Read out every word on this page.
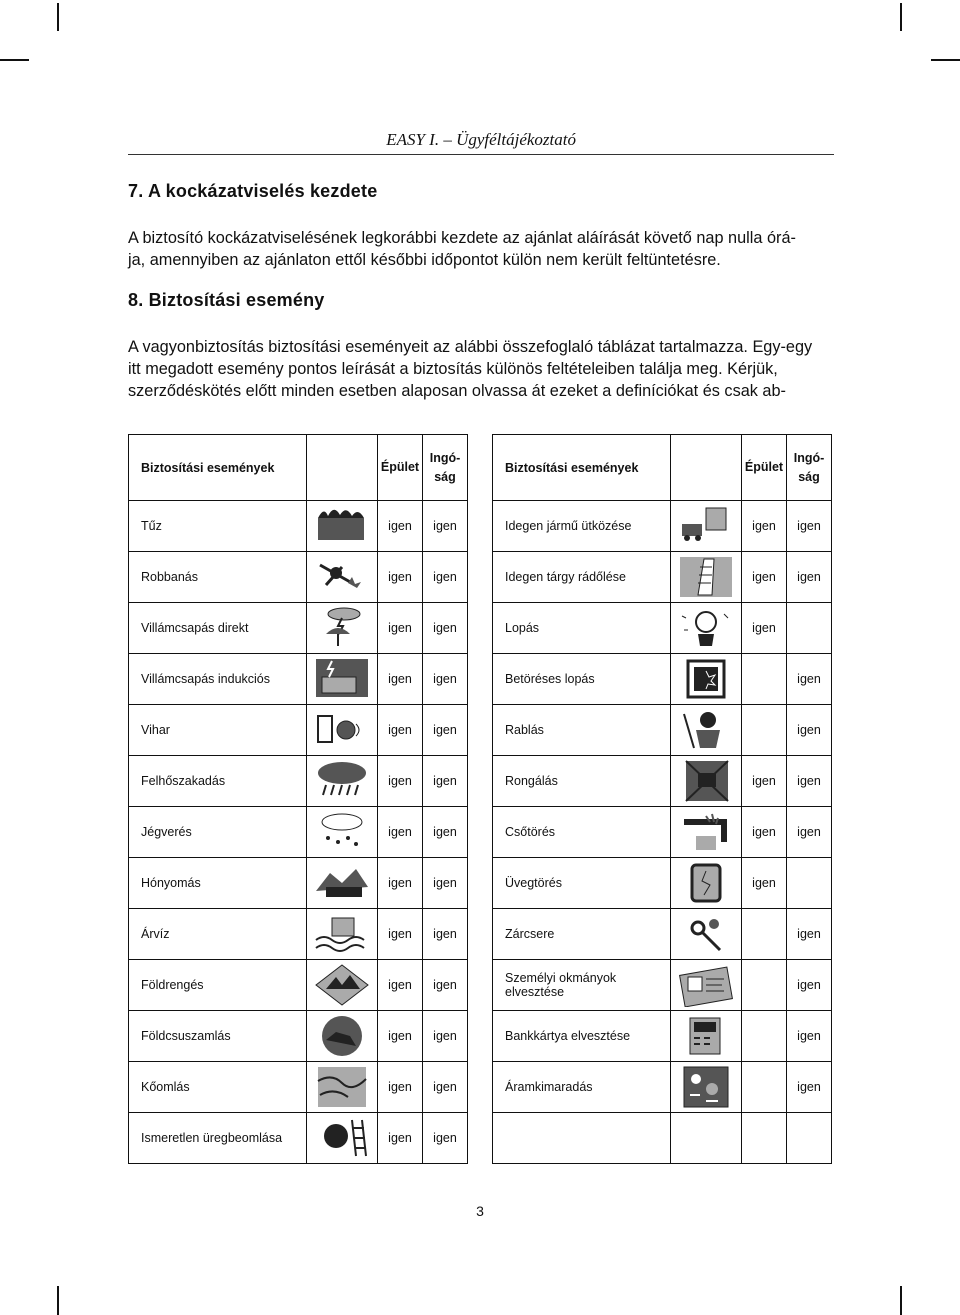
EASY I. – Ügyféltájékoztató
7. A kockázatviselés kezdete
A biztosító kockázatviselésének legkorábbi kezdete az ajánlat aláírását követő nap nulla órá-
ja, amennyiben az ajánlaton ettől későbbi időpontot külön nem került feltüntetésre.
8. Biztosítási esemény
A vagyonbiztosítás biztosítási eseményeit az alábbi összefoglaló táblázat tartalmazza. Egy-egy
itt megadott esemény pontos leírását a biztosítás különös feltételeiben találja meg. Kérjük,
szerződéskötés előtt minden esetben alaposan olvassa át ezeket a definíciókat és csak ab-
Biztosítási események		Épület	Ingó-
ság		Biztosítási események		Épület	Ingó-
ság
Tűz		igen	igen		Idegen jármű ütközése		igen	igen
Robbanás		igen	igen		Idegen tárgy rádőlése		igen	igen
Villámcsapás direkt		igen	igen		Lopás		igen	
Villámcsapás indukciós		igen	igen		Betöréses lopás			igen
Vihar		igen	igen		Rablás			igen
Felhőszakadás		igen	igen		Rongálás		igen	igen
Jégverés		igen	igen		Csőtörés		igen	igen
Hónyomás		igen	igen		Üvegtörés		igen	
Árvíz		igen	igen		Zárcsere			igen
Földrengés		igen	igen		Személyi okmányok elvesztése			igen
Földcsuszamlás		igen	igen		Bankkártya elvesztése			igen
Kőomlás		igen	igen		Áramkimaradás			igen
Ismeretlen üregbeomlása		igen	igen					
3
